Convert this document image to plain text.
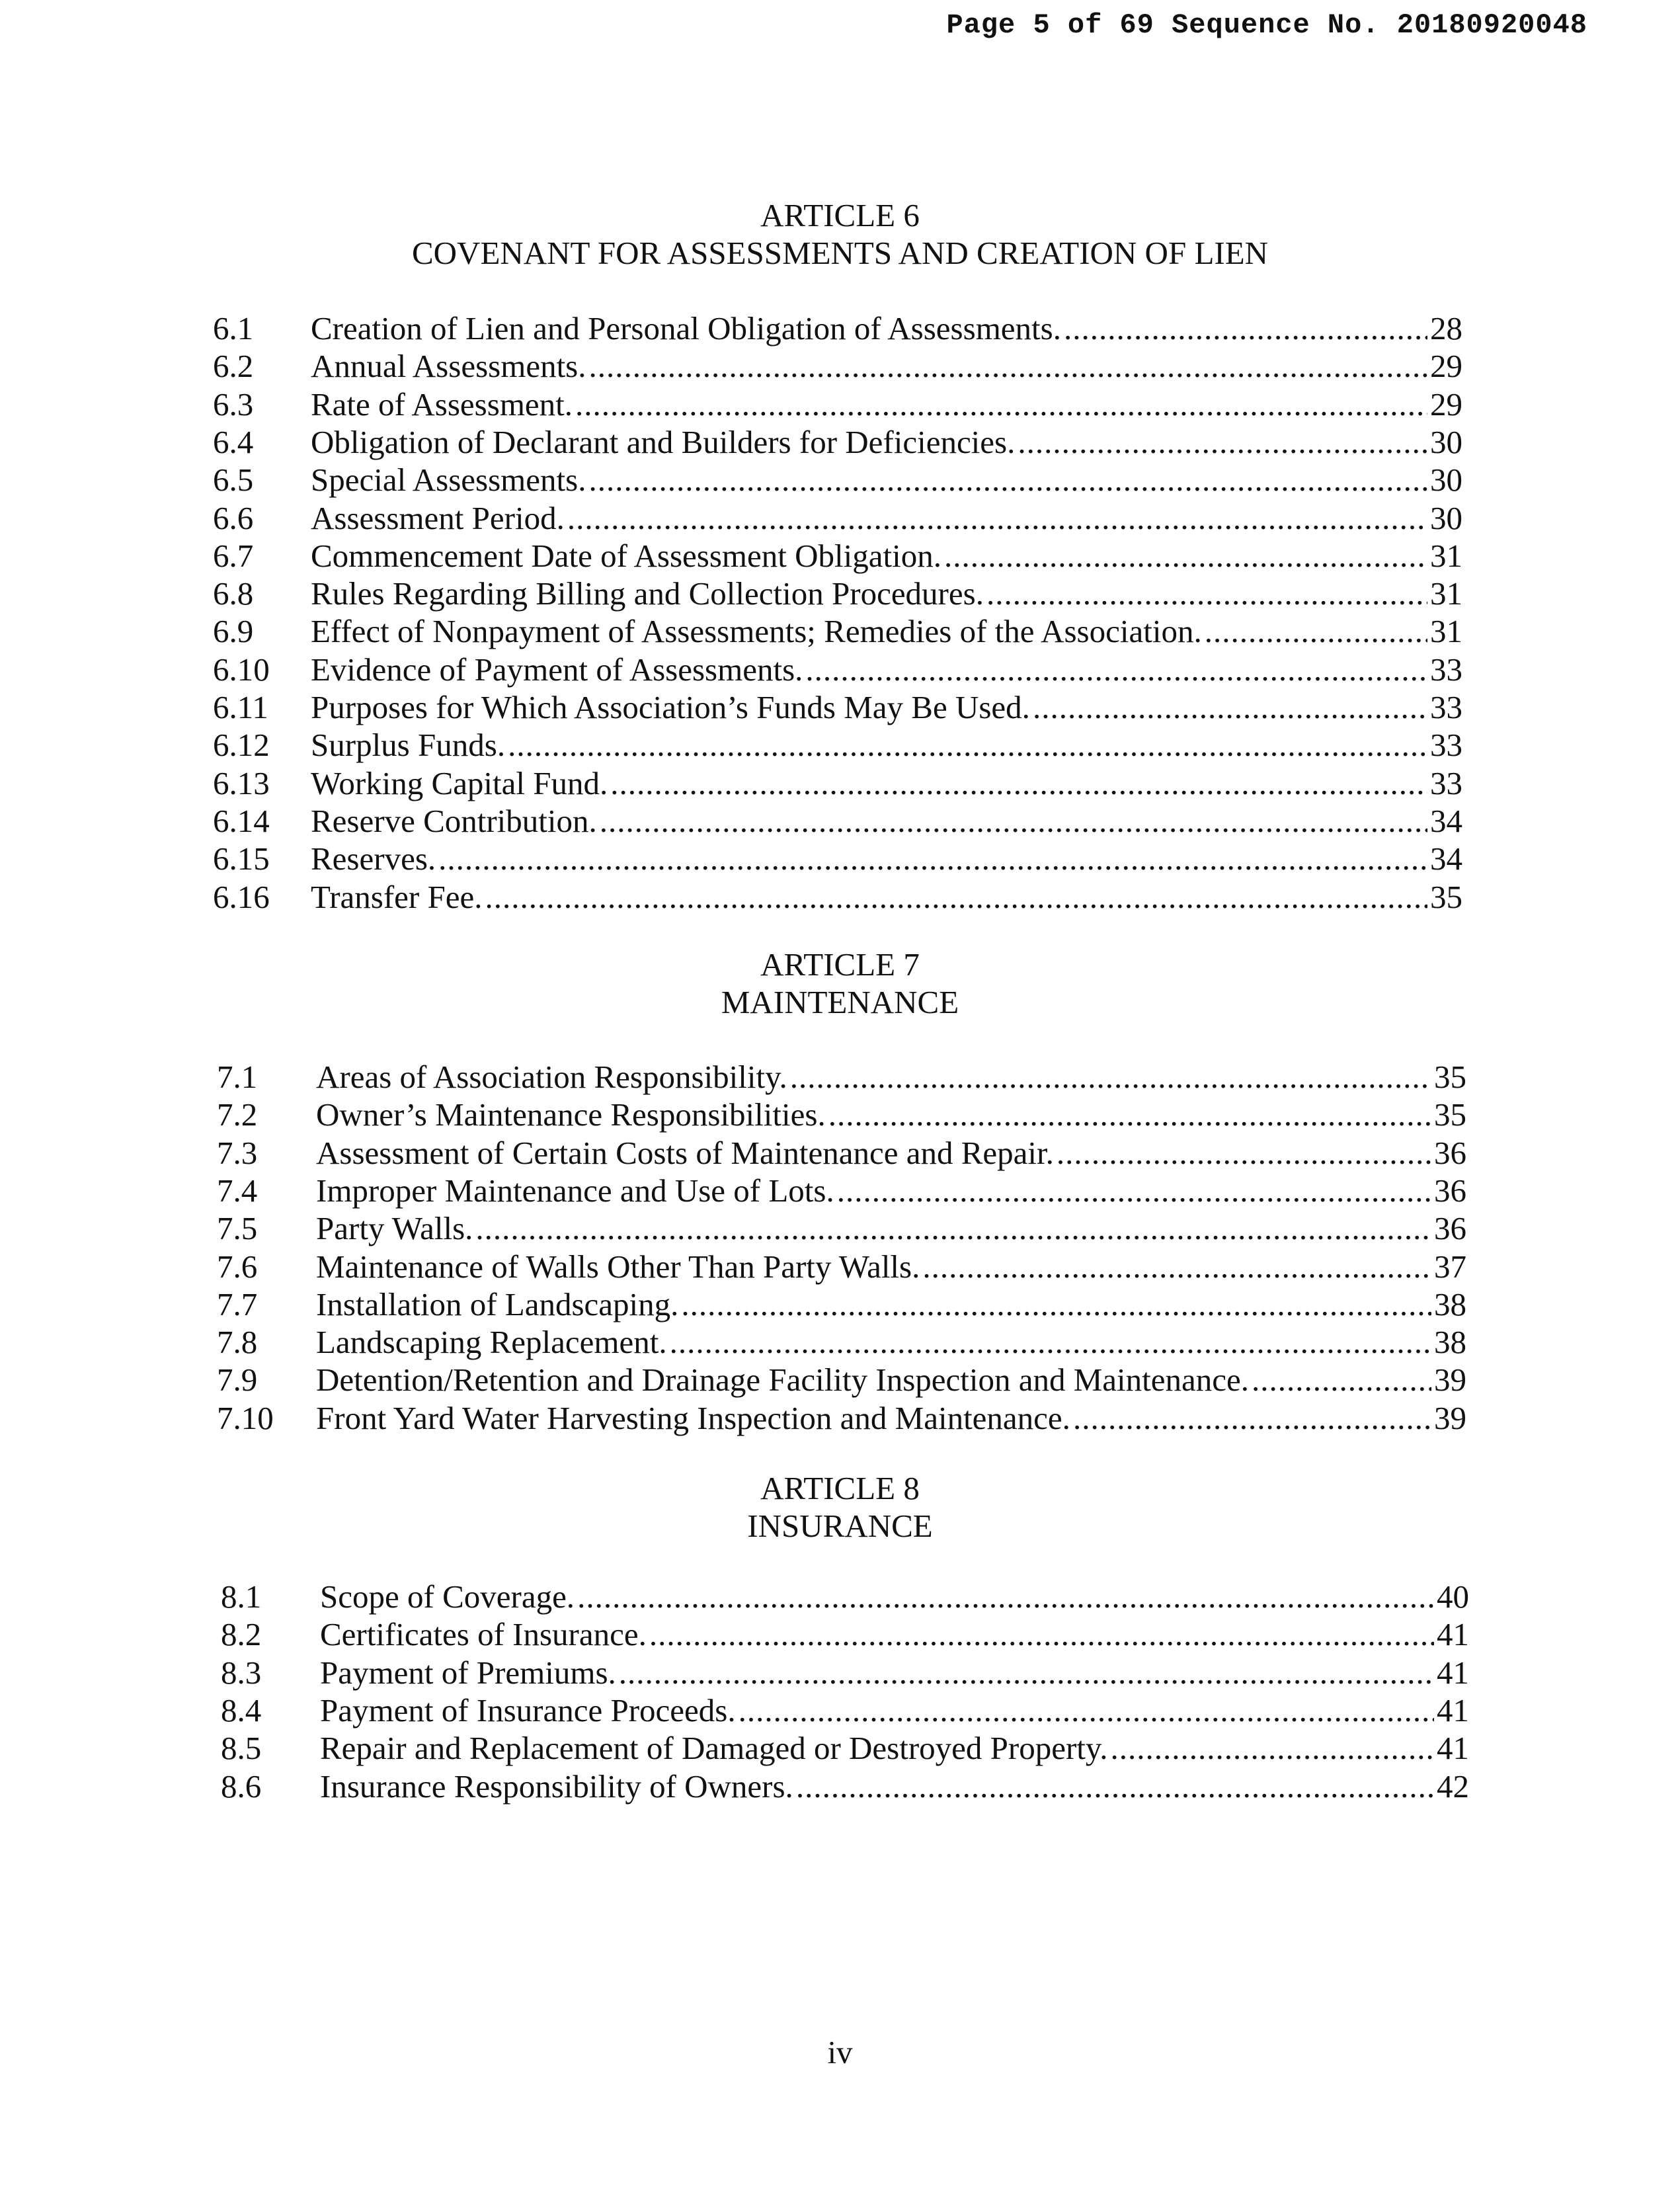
Page 5 of 69 Sequence No. 20180920048
ARTICLE 6
COVENANT FOR ASSESSMENTS AND CREATION OF LIEN
6.1 Creation of Lien and Personal Obligation of Assessments. .....	28
6.2 Annual Assessments. .....	29
6.3 Rate of Assessment. .....	29
6.4 Obligation of Declarant and Builders for Deficiencies. .....	30
6.5 Special Assessments. .....	30
6.6 Assessment Period. .....	30
6.7 Commencement Date of Assessment Obligation. .....	31
6.8 Rules Regarding Billing and Collection Procedures. .....	31
6.9 Effect of Nonpayment of Assessments; Remedies of the Association. .....	31
6.10 Evidence of Payment of Assessments. .....	33
6.11 Purposes for Which Association’s Funds May Be Used. .....	33
6.12 Surplus Funds. .....	33
6.13 Working Capital Fund. .....	33
6.14 Reserve Contribution. .....	34
6.15 Reserves. .....	34
6.16 Transfer Fee. .....	35
ARTICLE 7
MAINTENANCE
7.1 Areas of Association Responsibility. .....	35
7.2 Owner’s Maintenance Responsibilities. .....	35
7.3 Assessment of Certain Costs of Maintenance and Repair. .....	36
7.4 Improper Maintenance and Use of Lots. .....	36
7.5 Party Walls. .....	36
7.6 Maintenance of Walls Other Than Party Walls. .....	37
7.7 Installation of Landscaping. .....	38
7.8 Landscaping Replacement. .....	38
7.9 Detention/Retention and Drainage Facility Inspection and Maintenance. .....	39
7.10 Front Yard Water Harvesting Inspection and Maintenance. .....	39
ARTICLE 8
INSURANCE
8.1 Scope of Coverage. .....	40
8.2 Certificates of Insurance. .....	41
8.3 Payment of Premiums. .....	41
8.4 Payment of Insurance Proceeds. .....	41
8.5 Repair and Replacement of Damaged or Destroyed Property. .....	41
8.6 Insurance Responsibility of Owners. .....	42
iv
